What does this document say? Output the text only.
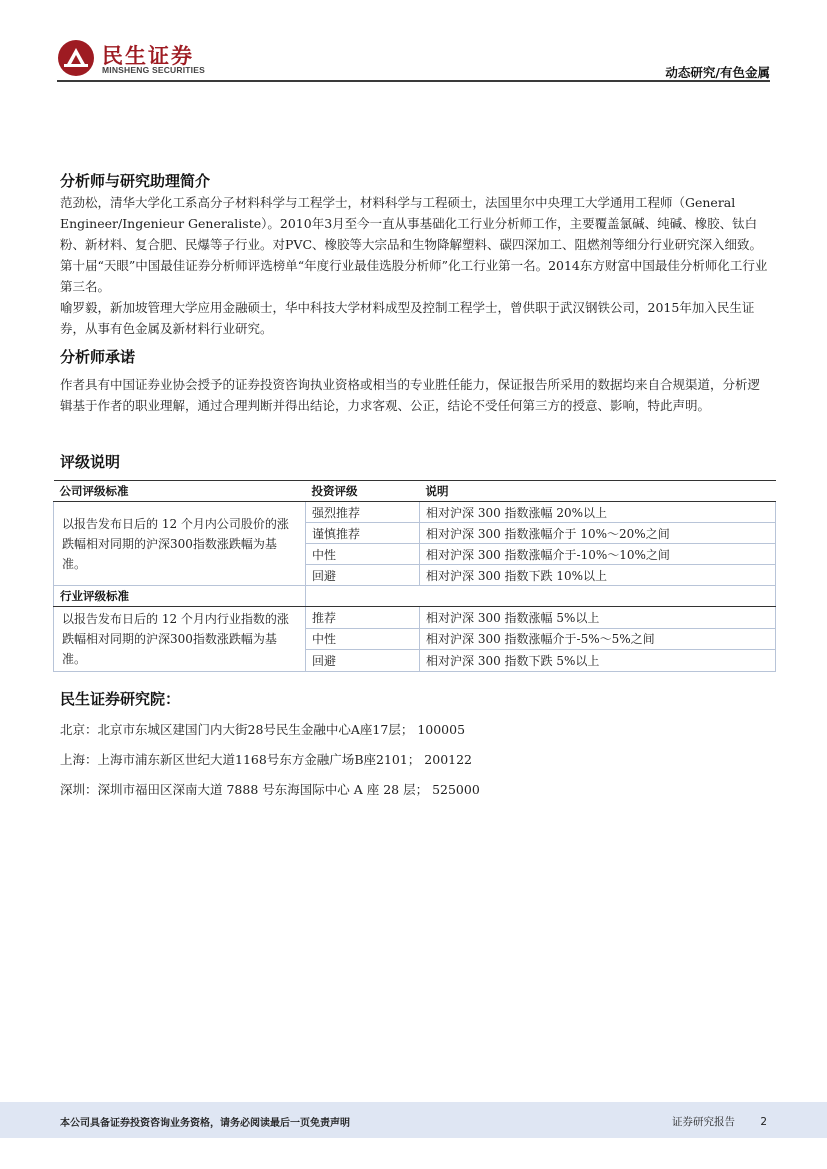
民生证券
MINSHENG SECURITIES	动态研究/有色金属
分析师与研究助理简介

范劲松，清华大学化工系高分子材料科学与工程学士，材料科学与工程硕士，法国里尔中央理工大学通用工程师（General Engineer/Ingenieur Generaliste）。2010年3月至今一直从事基础化工行业分析师工作，主要覆盖氯碱、纯碱、橡胶、钛白粉、新材料、复合肥、民爆等子行业。对PVC、橡胶等大宗品和生物降解塑料、碳四深加工、阻燃剂等细分行业研究深入细致。第十届“天眼”中国最佳证券分析师评选榜单“年度行业最佳选股分析师”化工行业第一名。2014东方财富中国最佳分析师化工行业第三名。

喻罗毅，新加坡管理大学应用金融硕士，华中科技大学材料成型及控制工程学士，曾供职于武汉钢铁公司，2015年加入民生证券，从事有色金属及新材料行业研究。

分析师承诺

作者具有中国证券业协会授予的证券投资咨询执业资格或相当的专业胜任能力，保证报告所采用的数据均来自合规渠道，分析逻辑基于作者的职业理解，通过合理判断并得出结论，力求客观、公正，结论不受任何第三方的授意、影响，特此声明。

评级说明
公司评级标准	投资评级	说明
以报告发布日后的 12 个月内公司股价的涨跌幅相对同期的沪深300指数涨跌幅为基准。	强烈推荐	相对沪深 300 指数涨幅 20%以上
	谨慎推荐	相对沪深 300 指数涨幅介于 10%～20%之间
	中性	相对沪深 300 指数涨幅介于-10%～10%之间
	回避	相对沪深 300 指数下跌 10%以上
行业评级标准		
以报告发布日后的 12 个月内行业指数的涨跌幅相对同期的沪深300指数涨跌幅为基准。	推荐	相对沪深 300 指数涨幅 5%以上
	中性	相对沪深 300 指数涨幅介于-5%～5%之间
	回避	相对沪深 300 指数下跌 5%以上
民生证券研究院：
北京：北京市东城区建国门内大街28号民生金融中心A座17层； 100005
上海：上海市浦东新区世纪大道1168号东方金融广场B座2101； 200122
深圳：深圳市福田区深南大道 7888 号东海国际中心 A 座 28 层； 525000
本公司具备证券投资咨询业务资格，请务必阅读最后一页免责声明	证券研究报告 2
